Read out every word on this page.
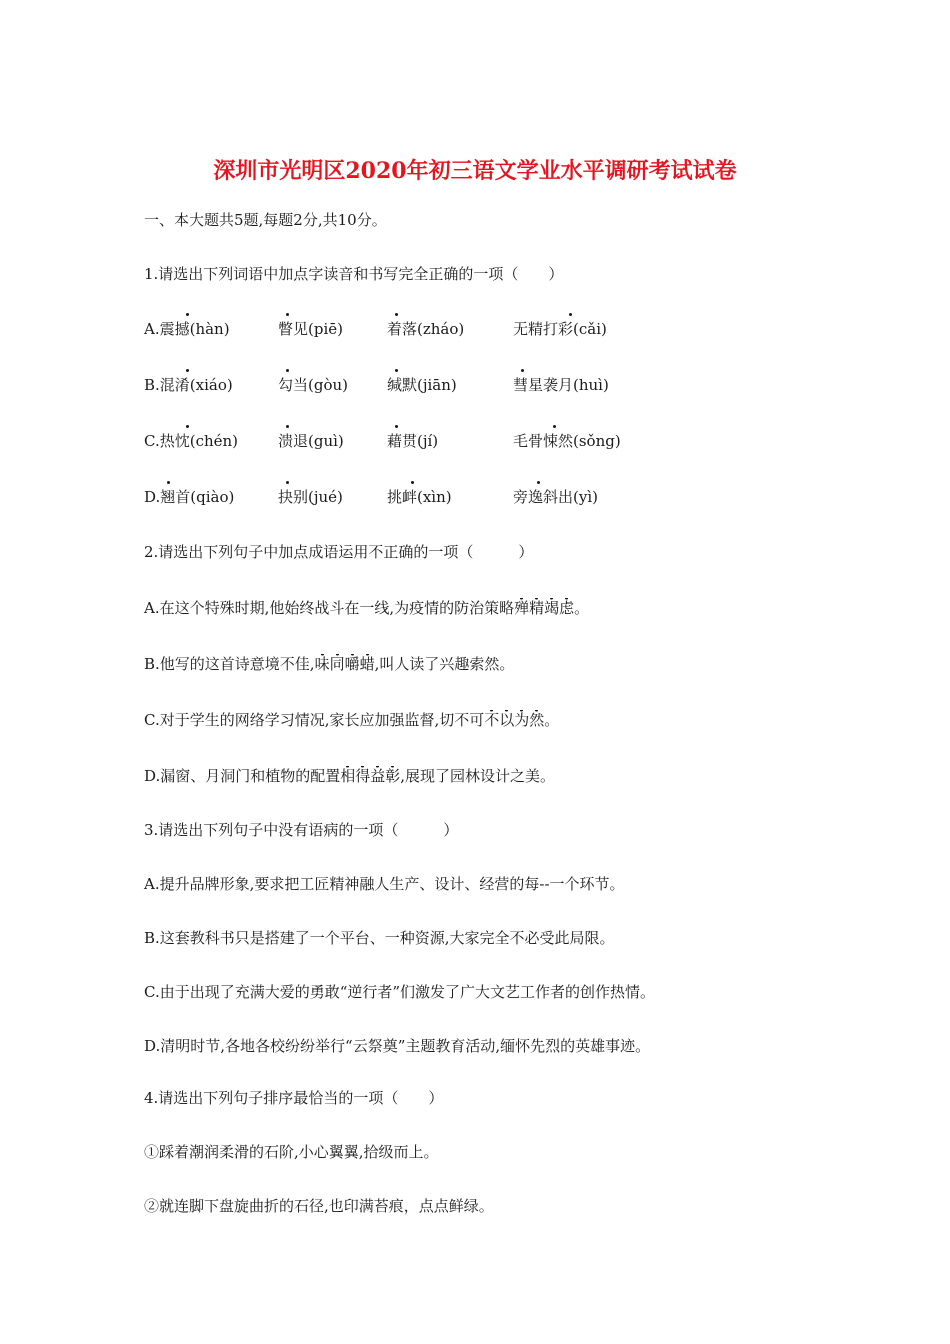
深圳市光明区2020年初三语文学业水平调研考试试卷
一、本大题共5题,每题2分,共10分。
1.请选出下列词语中加点字读音和书写完全正确的一项（　　）
A.震撼(hàn)	瞥见(piē)	着落(zháo)	无精打彩(cǎi)
B.混淆(xiáo)	勾当(gòu)	缄默(jiān)	彗星袭月(huì)
C.热忱(chén)	溃退(guì)	藉贯(jí)	毛骨悚然(sǒng)
D.翘首(qiào)	抉别(jué)	挑衅(xìn)	旁逸斜出(yì)
2.请选出下列句子中加点成语运用不正确的一项（　　　）
A.在这个特殊时期,他始终战斗在一线,为疫情的防治策略殚精竭虑。
B.他写的这首诗意境不佳,味同嚼蜡,叫人读了兴趣索然。
C.对于学生的网络学习情况,家长应加强监督,切不可不以为然。
D.漏窗、月洞门和植物的配置相得益彰,展现了园林设计之美。
3.请选出下列句子中没有语病的一项（　　　）
A.提升品牌形象,要求把工匠精神融人生产、设计、经营的每--一个环节。
B.这套教科书只是搭建了一个平台、一种资源,大家完全不必受此局限。
C.由于出现了充满大爱的勇敢“逆行者”们激发了广大文艺工作者的创作热情。
D.清明时节,各地各校纷纷举行“云祭奠”主题教育活动,缅怀先烈的英雄事迹。
4.请选出下列句子排序最恰当的一项（　　）
①踩着潮润柔滑的石阶,小心翼翼,拾级而上。
②就连脚下盘旋曲折的石径,也印满苔痕，点点鲜绿。
